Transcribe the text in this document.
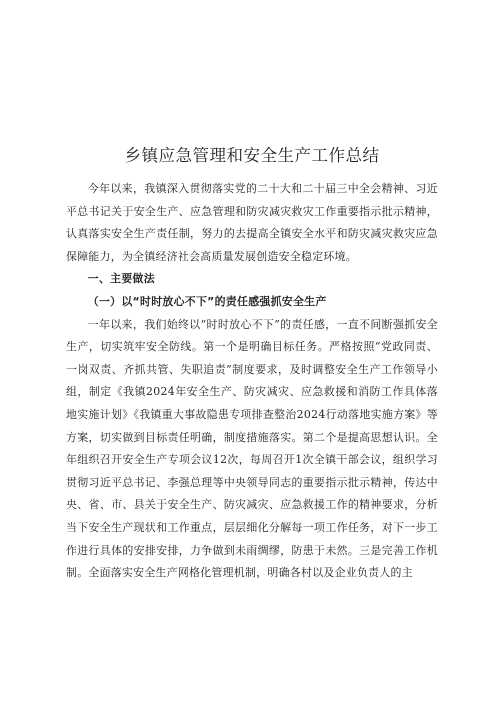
乡镇应急管理和安全生产工作总结

今年以来，我镇深入贯彻落实党的二十大和二十届三中全会精神、习近平总书记关于安全生产、应急管理和防灾减灾救灾工作重要指示批示精神，认真落实安全生产责任制，努力的去提高全镇安全水平和防灾减灾救灾应急保障能力，为全镇经济社会高质量发展创造安全稳定环境。

一、主要做法

（一）以“时时放心不下”的责任感强抓安全生产

一年以来，我们始终以“时时放心不下”的责任感，一直不间断强抓安全生产，切实筑牢安全防线。第一个是明确目标任务。严格按照“党政同责、一岗双责、齐抓共管、失职追责”制度要求，及时调整安全生产工作领导小组，制定《我镇2024年安全生产、防灾减灾、应急救援和消防工作具体落地实施计划》《我镇重大事故隐患专项排查整治2024行动落地实施方案》等方案，切实做到目标责任明确，制度措施落实。第二个是提高思想认识。全年组织召开安全生产专项会议12次，每周召开1次全镇干部会议，组织学习贯彻习近平总书记、李强总理等中央领导同志的重要指示批示精神，传达中央、省、市、县关于安全生产、防灾减灾、应急救援工作的精神要求，分析当下安全生产现状和工作重点，层层细化分解每一项工作任务，对下一步工作进行具体的安排安排，力争做到未雨绸缪，防患于未然。三是完善工作机制。全面落实安全生产网格化管理机制，明确各村以及企业负责人的主
